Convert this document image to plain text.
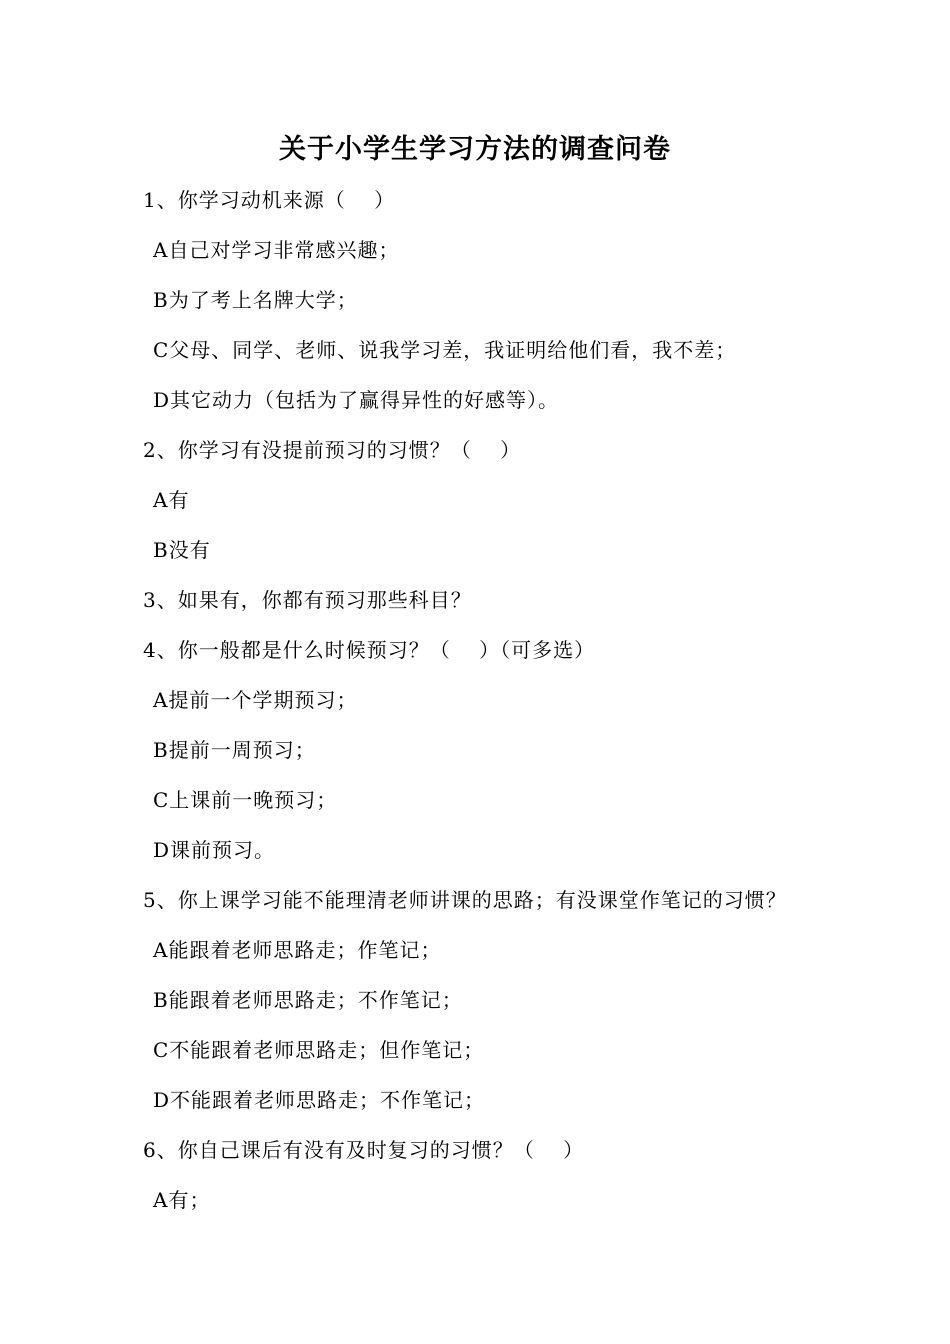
关于小学生学习方法的调查问卷
1、你学习动机来源（　 ）
A自己对学习非常感兴趣；
B为了考上名牌大学；
C父母、同学、老师、说我学习差，我证明给他们看，我不差；
D其它动力（包括为了赢得异性的好感等）。
2、你学习有没提前预习的习惯？（　 ）
A有
B没有
3、如果有，你都有预习那些科目？
4、你一般都是什么时候预习？（　 ）（可多选）
A提前一个学期预习；
B提前一周预习；
C上课前一晚预习；
D课前预习。
5、你上课学习能不能理清老师讲课的思路；有没课堂作笔记的习惯？
A能跟着老师思路走；作笔记；
B能跟着老师思路走；不作笔记；
C不能跟着老师思路走；但作笔记；
D不能跟着老师思路走；不作笔记；
6、你自己课后有没有及时复习的习惯？（　 ）
A有；
